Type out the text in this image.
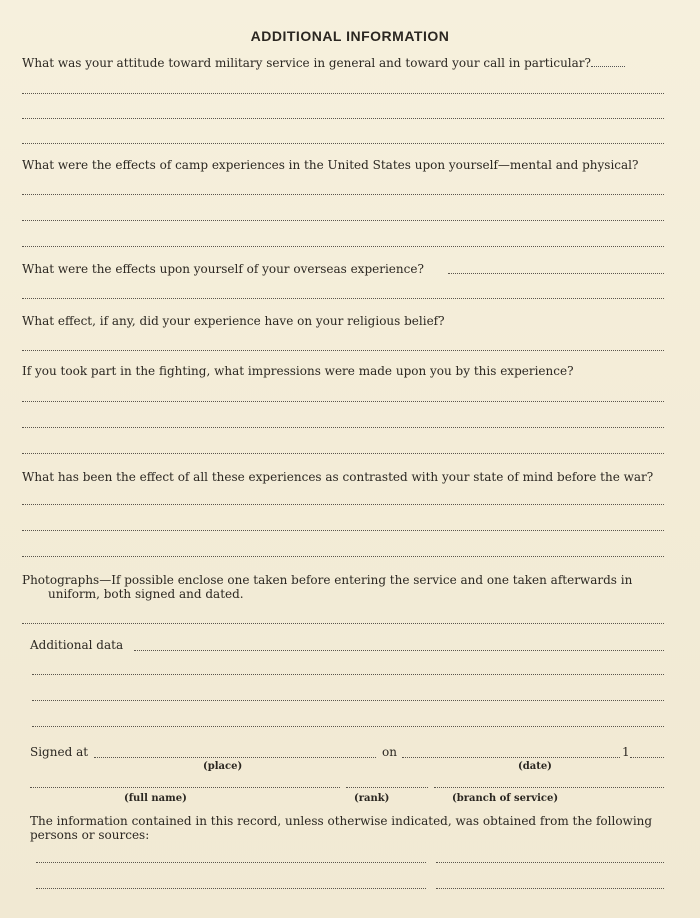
ADDITIONAL INFORMATION
What was your attitude toward military service in general and toward your call in particular?
What were the effects of camp experiences in the United States upon yourself—mental and physical?
What were the effects upon yourself of your overseas experience?
What effect, if any, did your experience have on your religious belief?
If you took part in the fighting, what impressions were made upon you by this experience?
What has been the effect of all these experiences as contrasted with your state of mind before the war?
Photographs—If possible enclose one taken before entering the service and one taken afterwards in
uniform, both signed and dated.
Additional data
Signed at	on	1
(place)	(date)
(full name)	(rank)	(branch of service)
The information contained in this record, unless otherwise indicated, was obtained from the following
persons or sources:
